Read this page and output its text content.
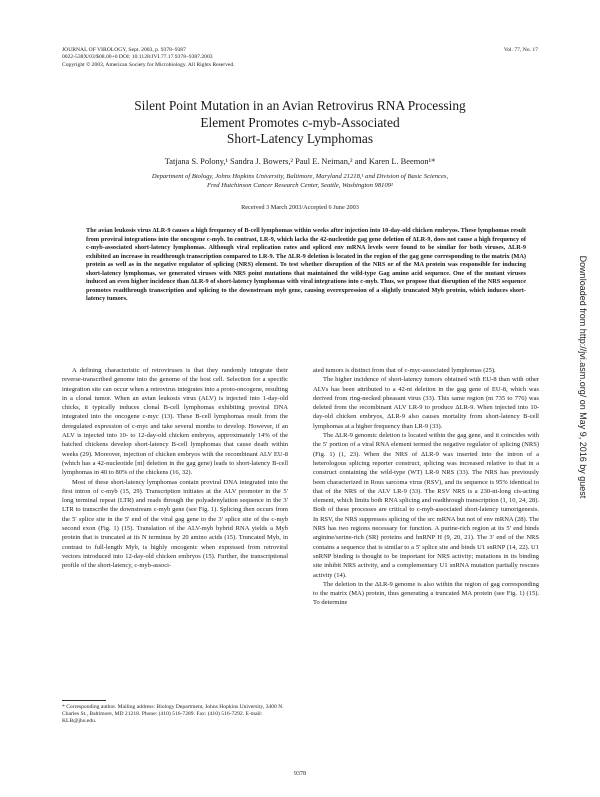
JOURNAL OF VIROLOGY, Sept. 2003, p. 9378–9387
0022-538X/03/$08.00+0 DOI: 10.1128/JVI.77.17.9378–9387.2003
Copyright © 2003, American Society for Microbiology. All Rights Reserved.
Vol. 77, No. 17
Silent Point Mutation in an Avian Retrovirus RNA Processing
Element Promotes c-myb-Associated
Short-Latency Lymphomas
Tatjana S. Polony,¹ Sandra J. Bowers,² Paul E. Neiman,² and Karen L. Beemon¹*
Department of Biology, Johns Hopkins University, Baltimore, Maryland 21218,¹ and Division of Basic Sciences,
Fred Hutchinson Cancer Research Center, Seattle, Washington 98109²
Received 3 March 2003/Accepted 6 June 2003

The avian leukosis virus ΔLR-9 causes a high frequency of B-cell lymphomas within weeks after injection into 10-day-old chicken embryos. These lymphomas result from proviral integrations into the oncogene c-myb. In contrast, LR-9, which lacks the 42-nucleotide gag gene deletion of ΔLR-9, does not cause a high frequency of c-myb-associated short-latency lymphomas. Although viral replication rates and spliced env mRNA levels were found to be similar for both viruses, ΔLR-9 exhibited an increase in readthrough transcription compared to LR-9. The ΔLR-9 deletion is located in the region of the gag gene corresponding to the matrix (MA) protein as well as in the negative regulator of splicing (NRS) element. To test whether disruption of the NRS or of the MA protein was responsible for inducing short-latency lymphomas, we generated viruses with NRS point mutations that maintained the wild-type Gag amino acid sequence. One of the mutant viruses induced an even higher incidence than ΔLR-9 of short-latency lymphomas with viral integrations into c-myb. Thus, we propose that disruption of the NRS sequence promotes readthrough transcription and splicing to the downstream myb gene, causing overexpression of a slightly truncated Myb protein, which induces short-latency tumors.

A defining characteristic of retroviruses is that they randomly integrate their reverse-transcribed genome into the genome of the host cell. Selection for a specific integration site can occur when a retrovirus integrates into a proto-oncogene, resulting in a clonal tumor. When an avian leukosis virus (ALV) is injected into 1-day-old chicks, it typically induces clonal B-cell lymphomas exhibiting proviral DNA integrated into the oncogene c-myc (13). These B-cell lymphomas result from the deregulated expression of c-myc and take several months to develop. However, if an ALV is injected into 10- to 12-day-old chicken embryos, approximately 14% of the hatched chickens develop short-latency B-cell lymphomas that cause death within weeks (29). Moreover, injection of chicken embryos with the recombinant ALV EU-8 (which has a 42-nucleotide [nt] deletion in the gag gene) leads to short-latency B-cell lymphomas in 40 to 80% of the chickens (16, 32).

Most of these short-latency lymphomas contain proviral DNA integrated into the first intron of c-myb (15, 29). Transcription initiates at the ALV promoter in the 5′ long terminal repeat (LTR) and reads through the polyadenylation sequence in the 3′ LTR to transcribe the downstream c-myb gene (see Fig. 1). Splicing then occurs from the 5′ splice site in the 5′ end of the viral gag gene to the 3′ splice site of the c-myb second exon (Fig. 1) (15). Translation of the ALV-myb hybrid RNA yields a Myb protein that is truncated at its N terminus by 20 amino acids (15). Truncated Myb, in contrast to full-length Myb, is highly oncogenic when expressed from retroviral vectors introduced into 12-day-old chicken embryos (15). Further, the transcriptional profile of the short-latency, c-myb-associ-

ated tumors is distinct from that of c-myc-associated lymphomas (25).

The higher incidence of short-latency tumors obtained with EU-8 than with other ALVs has been attributed to a 42-nt deletion in the gag gene of EU-8, which was derived from ring-necked pheasant virus (33). This same region (nt 735 to 776) was deleted from the recombinant ALV LR-9 to produce ΔLR-9. When injected into 10-day-old chicken embryos, ΔLR-9 also causes mortality from short-latency B-cell lymphomas at a higher frequency than LR-9 (33).

The ΔLR-9 genomic deletion is located within the gag gene, and it coincides with the 5′ portion of a viral RNA element termed the negative regulator of splicing (NRS) (Fig. 1) (1, 23). When the NRS of ΔLR-9 was inserted into the intron of a heterologous splicing reporter construct, splicing was increased relative to that in a construct containing the wild-type (WT) LR-9 NRS (33). The NRS has previously been characterized in Rous sarcoma virus (RSV), and its sequence is 95% identical to that of the NRS of the ALV LR-9 (33). The RSV NRS is a 230-nt-long cis-acting element, which limits both RNA splicing and readthrough transcription (1, 10, 24, 28). Both of these processes are critical to c-myb-associated short-latency tumorigenesis. In RSV, the NRS suppresses splicing of the src mRNA but not of env mRNA (28). The NRS has two regions necessary for function. A purine-rich region at its 5′ end binds arginine/serine-rich (SR) proteins and hnRNP H (9, 20, 21). The 3′ end of the NRS contains a sequence that is similar to a 5′ splice site and binds U1 snRNP (14, 22). U1 snRNP binding is thought to be important for NRS activity; mutations in its binding site inhibit NRS activity, and a complementary U1 snRNA mutation partially rescues activity (14).

The deletion in the ΔLR-9 genome is also within the region of gag corresponding to the matrix (MA) protein, thus generating a truncated MA protein (see Fig. 1) (15). To determine

* Corresponding author. Mailing address: Biology Department, Johns Hopkins University, 3400 N. Charles St., Baltimore, MD 21218. Phone: (410) 516-7289. Fax: (410) 516-7292. E-mail: KLB@jhu.edu.
9378
Downloaded from http://jvi.asm.org/ on May 9, 2016 by guest
